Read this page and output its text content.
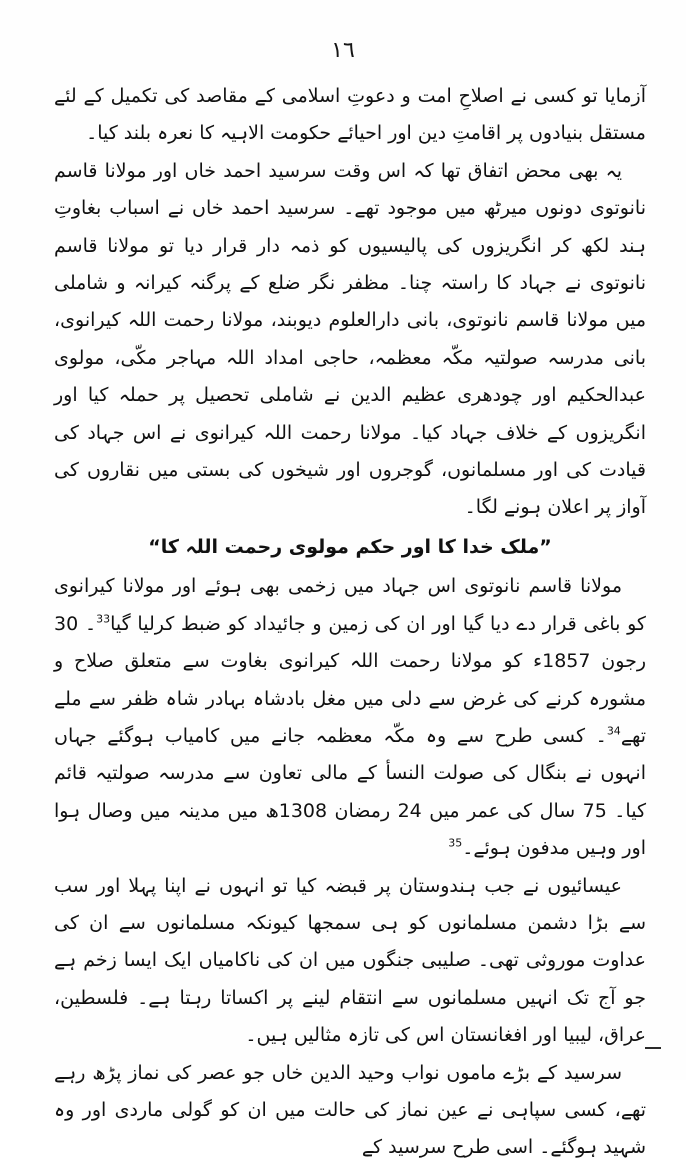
١٦

آزمایا تو کسی نے اصلاحِ امت و دعوتِ اسلامی کے مقاصد کی تکمیل کے لئے مستقل بنیادوں پر اقامتِ دین اور احیائے حکومت الاہیہ کا نعرہ بلند کیا۔

یہ بھی محض اتفاق تھا کہ اس وقت سرسید احمد خاں اور مولانا قاسم نانوتوی دونوں میرٹھ میں موجود تھے۔ سرسید احمد خاں نے اسباب بغاوتِ ہند لکھ کر انگریزوں کی پالیسیوں کو ذمہ دار قرار دیا تو مولانا قاسم نانوتوی نے جہاد کا راستہ چنا۔ مظفر نگر ضلع کے پرگنہ کیرانہ و شاملی میں مولانا قاسم نانوتوی، بانی دارالعلوم دیوبند، مولانا رحمت اللہ کیرانوی، بانی مدرسہ صولتیہ مکّہ معظمہ، حاجی امداد اللہ مہاجر مکّی، مولوی عبدالحکیم اور چودھری عظیم الدین نے شاملی تحصیل پر حملہ کیا اور انگریزوں کے خلاف جہاد کیا۔ مولانا رحمت اللہ کیرانوی نے اس جہاد کی قیادت کی اور مسلمانوں، گوجروں اور شیخوں کی بستی میں نقاروں کی آواز پر اعلان ہونے لگا۔

”ملک خدا کا اور حکم مولوی رحمت اللہ کا“

مولانا قاسم نانوتوی اس جہاد میں زخمی بھی ہوئے اور مولانا کیرانوی کو باغی قرار دے دیا گیا اور ان کی زمین و جائیداد کو ضبط کرلیا گیا$^{33}$۔ 30 رجون 1857ء کو مولانا رحمت اللہ کیرانوی بغاوت سے متعلق صلاح و مشورہ کرنے کی غرض سے دلی میں مغل بادشاہ بہادر شاہ ظفر سے ملے تھے$^{34}$۔ کسی طرح سے وہ مکّہ معظمہ جانے میں کامیاب ہوگئے جہاں انہوں نے بنگال کی صولت النسأ کے مالی تعاون سے مدرسہ صولتیہ قائم کیا۔ 75 سال کی عمر میں 24 رمضان 1308ھ میں مدینہ میں وصال ہوا اور وہیں مدفون ہوئے۔$^{35}$

عیسائیوں نے جب ہندوستان پر قبضہ کیا تو انہوں نے اپنا پہلا اور سب سے بڑا دشمن مسلمانوں کو ہی سمجھا کیونکہ مسلمانوں سے ان کی عداوت موروثی تھی۔ صلیبی جنگوں میں ان کی ناکامیاں ایک ایسا زخم ہے جو آج تک انہیں مسلمانوں سے انتقام لینے پر اکساتا رہتا ہے۔ فلسطین، عراق، لیبیا اور افغانستان اس کی تازہ مثالیں ہیں۔

سرسید کے بڑے ماموں نواب وحید الدین خاں جو عصر کی نماز پڑھ رہے تھے، کسی سپاہی نے عین نماز کی حالت میں ان کو گولی ماردی اور وہ شہید ہوگئے۔ اسی طرح سرسید کے
